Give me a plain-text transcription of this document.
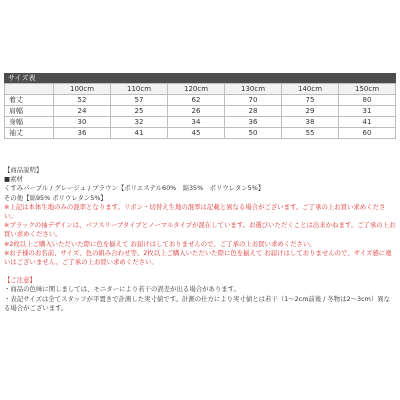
サイズ表
	100cm	110cm	120cm	130cm	140cm	150cm
着丈	52	57	62	70	75	80
肩幅	24	25	26	28	29	31
身幅	30	32	34	36	38	41
袖丈	36	41	45	50	55	60

【商品説明】

■素材

くすみパープル / グレージュ / ブラウン【ポリエステル60%　綿35%　ポリウレタン5%】

その他【綿95% ポリウレタン5%】

※上記は本体生地のみの混率となります。リボン・切替え生地の混率は記載と異なる場合がございます。ご了承の上お買い求めください。

※ブラックの袖デザインは、パフスリーブタイプとノーマルタイプが混在しています。お選びいただくことは出来かねます。ご了承の上お買い求めください。

※2枚以上ご購入いただいた際に色を揃えて お届けはしておりませんので、ご了承の上お買い求めください。

※お子様のお名前、サイズ、色の組み合わせ等、2枚以上ご購入いただいた際に色を揃えて お届けはしておりませんので、サイズ感に違いはございません。ご了承の上お買い求めください。

【ご注意】

・商品の色味に関しましては、モニターにより若干の誤差が出る場合があります。

・表記サイズは全てスタッフが平置きで計測した実寸値です。計測の仕方により実寸値とは若干（1〜2cm前後 / 冬物は2〜3cm）異なる場合がございます。
